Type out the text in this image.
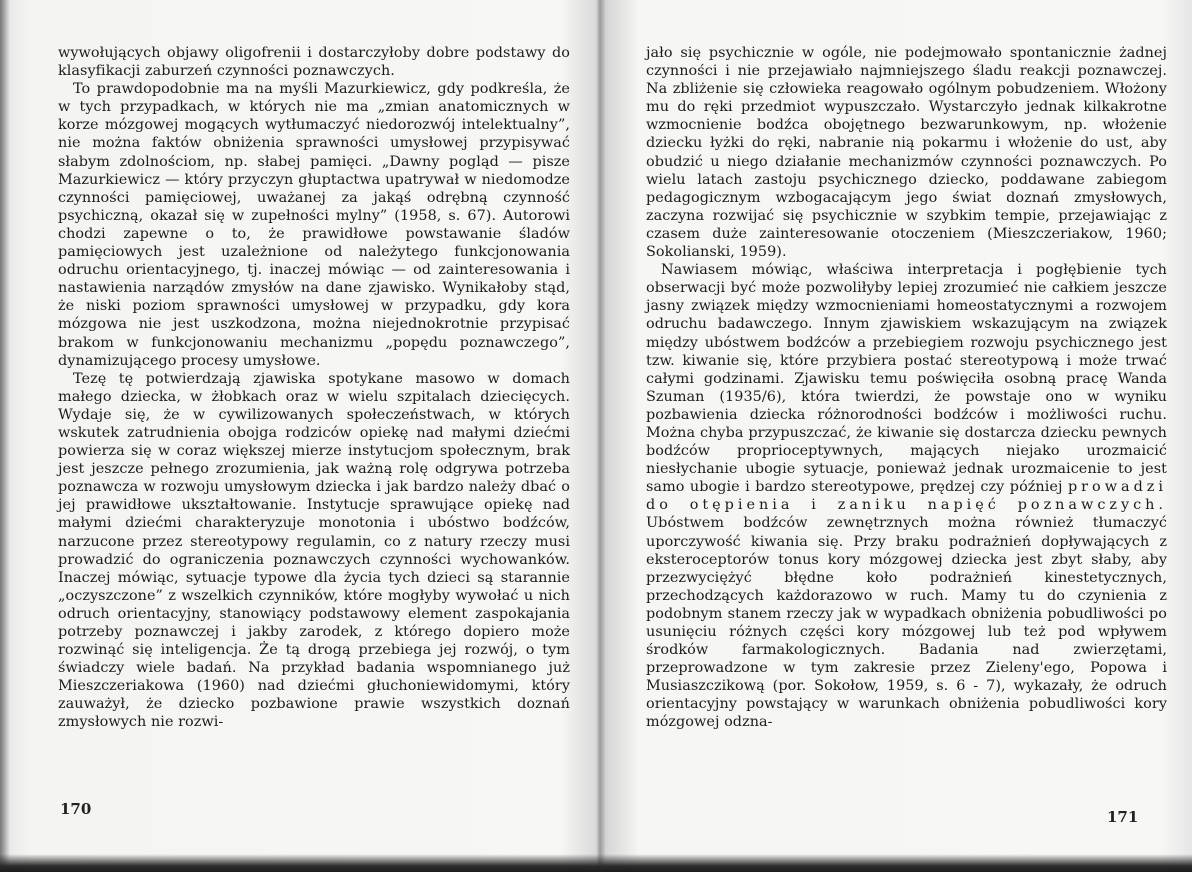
wywołujących objawy oligofrenii i dostarczyłoby dobre podstawy do klasyfikacji zaburzeń czynności poznawczych.

To prawdopodobnie ma na myśli Mazurkiewicz, gdy podkreśla, że w tych przypadkach, w których nie ma „zmian anatomicznych w korze mózgowej mogących wytłumaczyć niedorozwój intelektualny”, nie można faktów obniżenia sprawności umysłowej przypisywać słabym zdolnościom, np. słabej pamięci. „Dawny pogląd — pisze Mazurkiewicz — który przyczyn głuptactwa upatrywał w niedomodze czynności pamięciowej, uważanej za jakąś odrębną czynność psychiczną, okazał się w zupełności mylny” (1958, s. 67). Autorowi chodzi zapewne o to, że prawidłowe powstawanie śladów pamięciowych jest uzależnione od należytego funkcjonowania odruchu orientacyjnego, tj. inaczej mówiąc — od zainteresowania i nastawienia narządów zmysłów na dane zjawisko. Wynikałoby stąd, że niski poziom sprawności umysłowej w przypadku, gdy kora mózgowa nie jest uszkodzona, można niejednokrotnie przypisać brakom w funkcjonowaniu mechanizmu „popędu poznawczego”, dynamizującego procesy umysłowe.

Tezę tę potwierdzają zjawiska spotykane masowo w domach małego dziecka, w żłobkach oraz w wielu szpitalach dziecięcych. Wydaje się, że w cywilizowanych społeczeństwach, w których wskutek zatrudnienia obojga rodziców opiekę nad małymi dziećmi powierza się w coraz większej mierze instytucjom społecznym, brak jest jeszcze pełnego zrozumienia, jak ważną rolę odgrywa potrzeba poznawcza w rozwoju umysłowym dziecka i jak bardzo należy dbać o jej prawidłowe ukształtowanie. Instytucje sprawujące opiekę nad małymi dziećmi charakteryzuje monotonia i ubóstwo bodźców, narzucone przez stereotypowy regulamin, co z natury rzeczy musi prowadzić do ograniczenia poznawczych czynności wychowanków. Inaczej mówiąc, sytuacje typowe dla życia tych dzieci są starannie „oczyszczone” z wszelkich czynników, które mogłyby wywołać u nich odruch orientacyjny, stanowiący podstawowy element zaspokajania potrzeby poznawczej i jakby zarodek, z którego dopiero może rozwinąć się inteligencja. Że tą drogą przebiega jej rozwój, o tym świadczy wiele badań. Na przykład badania wspomnianego już Mieszczeriakowa (1960) nad dziećmi głuchoniewidomymi, który zauważył, że dziecko pozbawione prawie wszystkich doznań zmysłowych nie rozwi-

170

jało się psychicznie w ogóle, nie podejmowało spontanicznie żadnej czynności i nie przejawiało najmniejszego śladu reakcji poznawczej. Na zbliżenie się człowieka reagowało ogólnym pobudzeniem. Włożony mu do ręki przedmiot wypuszczało. Wystarczyło jednak kilkakrotne wzmocnienie bodźca obojętnego bezwarunkowym, np. włożenie dziecku łyżki do ręki, nabranie nią pokarmu i włożenie do ust, aby obudzić u niego działanie mechanizmów czynności poznawczych. Po wielu latach zastoju psychicznego dziecko, poddawane zabiegom pedagogicznym wzbogacającym jego świat doznań zmysłowych, zaczyna rozwijać się psychicznie w szybkim tempie, przejawiając z czasem duże zainteresowanie otoczeniem (Mieszczeriakow, 1960; Sokolianski, 1959).

Nawiasem mówiąc, właściwa interpretacja i pogłębienie tych obserwacji być może pozwoliłyby lepiej zrozumieć nie całkiem jeszcze jasny związek między wzmocnieniami homeostatycznymi a rozwojem odruchu badawczego. Innym zjawiskiem wskazującym na związek między ubóstwem bodźców a przebiegiem rozwoju psychicznego jest tzw. kiwanie się, które przybiera postać stereotypową i może trwać całymi godzinami. Zjawisku temu poświęciła osobną pracę Wanda Szuman (1935/6), która twierdzi, że powstaje ono w wyniku pozbawienia dziecka różnorodności bodźców i możliwości ruchu. Można chyba przypuszczać, że kiwanie się dostarcza dziecku pewnych bodźców proprioceptywnych, mających niejako urozmaicić niesłychanie ubogie sytuacje, ponieważ jednak urozmaicenie to jest samo ubogie i bardzo stereotypowe, prędzej czy później prowadzi do otępienia i zaniku napięć poznawczych. Ubóstwem bodźców zewnętrznych można również tłumaczyć uporczywość kiwania się. Przy braku podrażnień dopływających z eksteroceptorów tonus kory mózgowej dziecka jest zbyt słaby, aby przezwyciężyć błędne koło podrażnień kinestetycznych, przechodzących każdorazowo w ruch. Mamy tu do czynienia z podobnym stanem rzeczy jak w wypadkach obniżenia pobudliwości po usunięciu różnych części kory mózgowej lub też pod wpływem środków farmakologicznych. Badania nad zwierzętami, przeprowadzone w tym zakresie przez Zieleny'ego, Popowa i Musiaszczikową (por. Sokołow, 1959, s. 6 - 7), wykazały, że odruch orientacyjny powstający w warunkach obniżenia pobudliwości kory mózgowej odzna-

171
